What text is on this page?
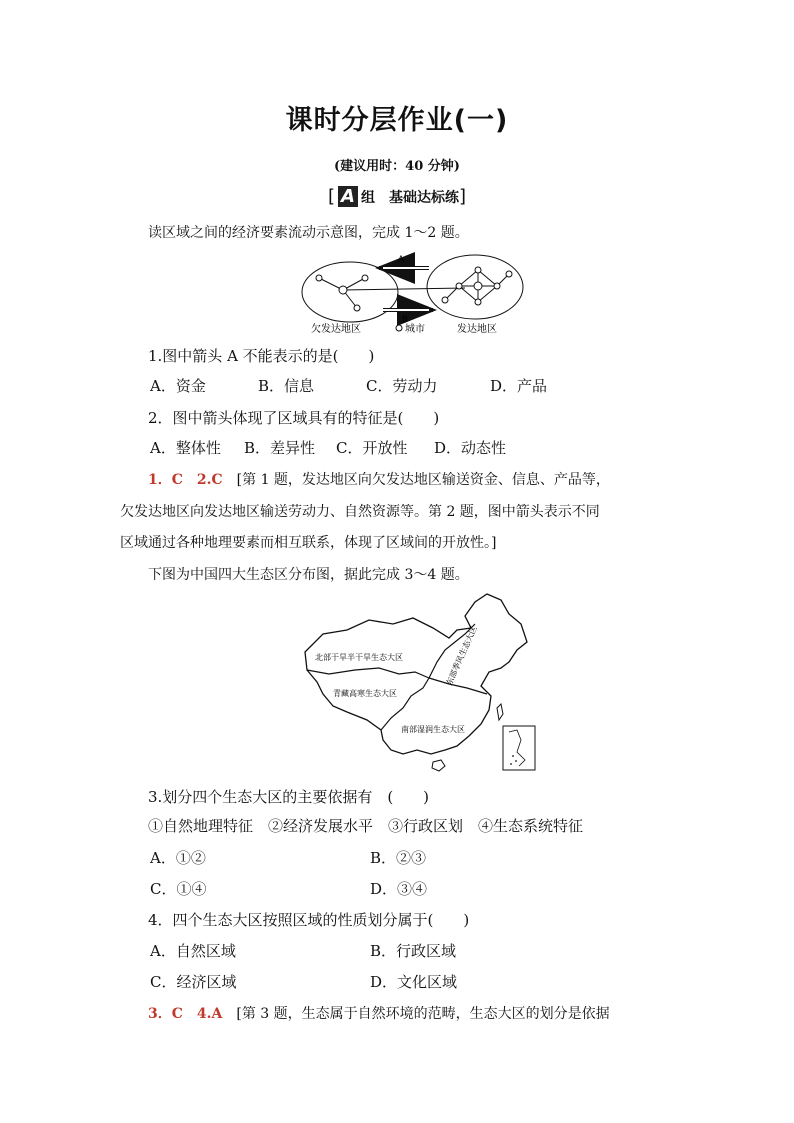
课时分层作业(一)
(建议用时：40 分钟)
[ A 组　基础达标练]
读区域之间的经济要素流动示意图，完成 1～2 题。
A
B
欠发达地区	城市	发达地区
1.图中箭头 A 不能表示的是(　　)
A．资金	B．信息	C．劳动力	D．产品
2．图中箭头体现了区域具有的特征是(　　)
A．整体性 B．差异性 C．开放性 D．动态性
1．C　2.C　 [第 1 题，发达地区向欠发达地区输送资金、信息、产品等，
欠发达地区向发达地区输送劳动力、自然资源等。第 2 题，图中箭头表示不同
区域通过各种地理要素而相互联系，体现了区域间的开放性。]
下图为中国四大生态区分布图，据此完成 3～4 题。
北部干旱半干旱生态大区
青藏高寒生态大区
南部湿润生态大区
东部季风生态大区
3.划分四个生态大区的主要依据有　(　　)
①自然地理特征　②经济发展水平　③行政区划　④生态系统特征
A．①②	B．②③
C．①④	D．③④
4．四个生态大区按照区域的性质划分属于(　　)
A．自然区域	B．行政区域
C．经济区域	D．文化区域
3．C　4.A　 [第 3 题，生态属于自然环境的范畴，生态大区的划分是依据
